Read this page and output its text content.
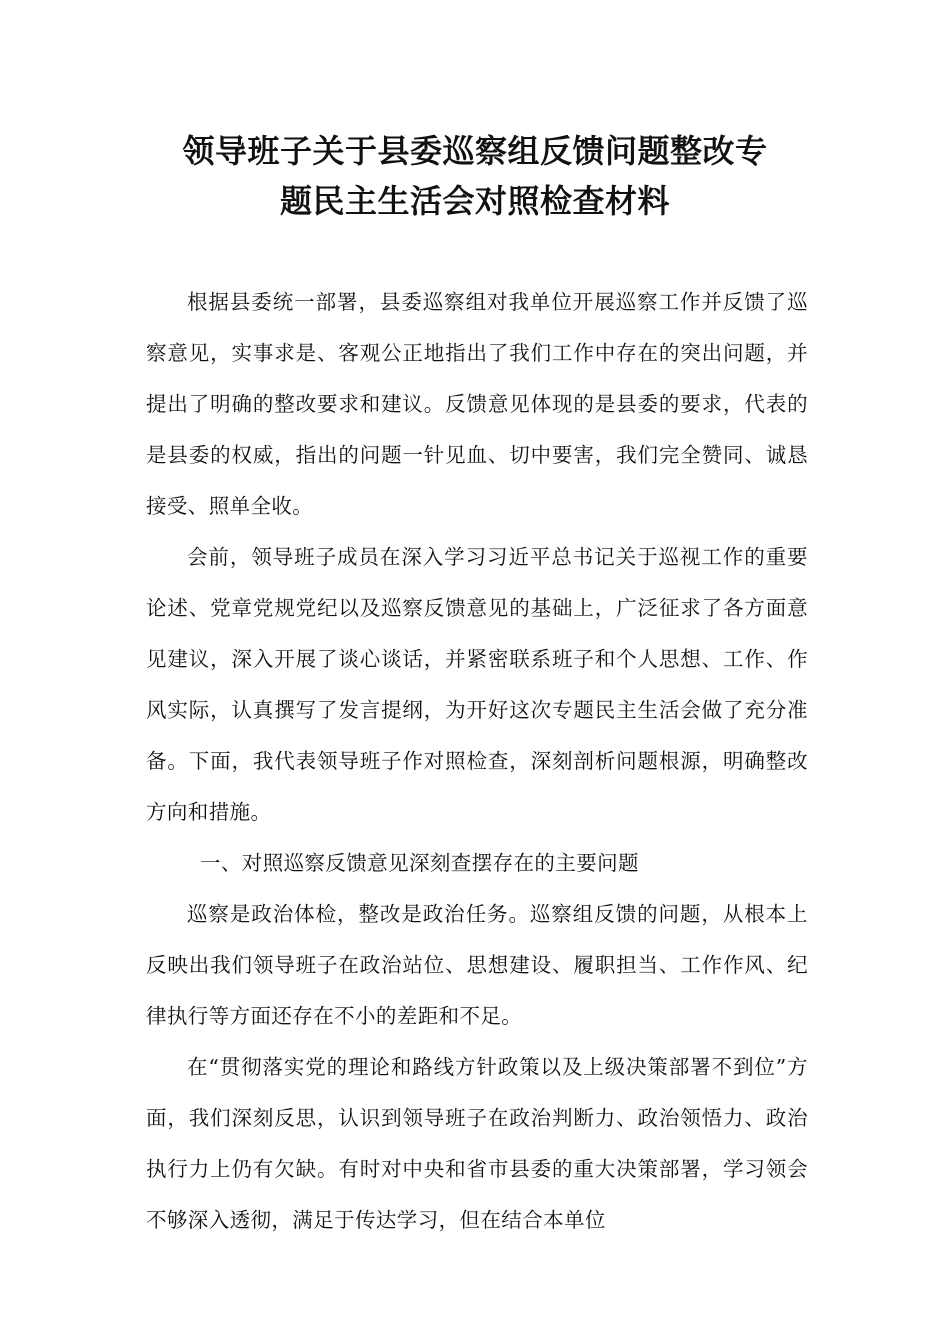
领导班子关于县委巡察组反馈问题整改专
题民主生活会对照检查材料

根据县委统一部署，县委巡察组对我单位开展巡察工作并反馈了巡察意见，实事求是、客观公正地指出了我们工作中存在的突出问题，并提出了明确的整改要求和建议。反馈意见体现的是县委的要求，代表的是县委的权威，指出的问题一针见血、切中要害，我们完全赞同、诚恳接受、照单全收。

会前，领导班子成员在深入学习习近平总书记关于巡视工作的重要论述、党章党规党纪以及巡察反馈意见的基础上，广泛征求了各方面意见建议，深入开展了谈心谈话，并紧密联系班子和个人思想、工作、作风实际，认真撰写了发言提纲，为开好这次专题民主生活会做了充分准备。下面，我代表领导班子作对照检查，深刻剖析问题根源，明确整改方向和措施。

一、对照巡察反馈意见深刻查摆存在的主要问题

巡察是政治体检，整改是政治任务。巡察组反馈的问题，从根本上反映出我们领导班子在政治站位、思想建设、履职担当、工作作风、纪律执行等方面还存在不小的差距和不足。

在“贯彻落实党的理论和路线方针政策以及上级决策部署不到位”方面，我们深刻反思，认识到领导班子在政治判断力、政治领悟力、政治执行力上仍有欠缺。有时对中央和省市县委的重大决策部署，学习领会不够深入透彻，满足于传达学习，但在结合本单位
